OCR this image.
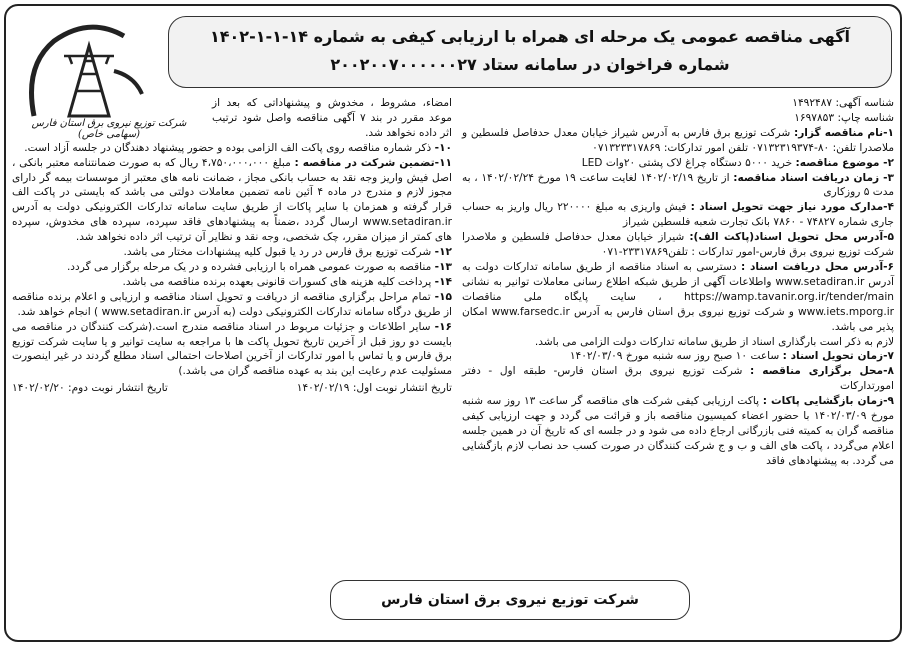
آگهی مناقصه عمومی یک مرحله ای همراه با ارزیابی کیفی به شماره ۱۴-۱-۱-۱۴۰۲
شماره فراخوان در سامانه ستاد ۲۰۰۲۰۰۷۰۰۰۰۰۰۲۷
شرکت توزیع نیروی برق استان فارس (سهامی خاص)

شناسه آگهی: ۱۴۹۲۴۸۷

شناسه چاپ: ۱۶۹۷۸۵۳

۱-نام مناقصه گزار: شرکت توزیع برق فارس به آدرس شیراز خیابان معدل حدفاصل فلسطین و ملاصدرا تلفن: ۸۰-۰۷۱۳۲۳۱۹۳۷۴ تلفن امور تدارکات: ۰۷۱۳۲۳۳۱۷۸۶۹

۲- موضوع مناقصه: خرید ۵۰۰۰ دستگاه چراغ لاک پشتی ۲۰وات LED

۳- زمان دریافت اسناد مناقصه: از تاریخ ۱۴۰۲/۰۲/۱۹ لغایت ساعت ۱۹ مورخ ۱۴۰۲/۰۲/۲۴ ، به مدت ۵ روزکاری

۴-مدارک مورد نیاز جهت تحویل اسناد : فیش واریزی به مبلغ ۲۲۰۰۰۰ ریال واریز به حساب جاری شماره ۷۴۸۲۷ - ۷۸۶۰ بانک تجارت شعبه فلسطین شیراز

۵-آدرس محل تحویل اسناد(پاکت الف): شیراز خیابان معدل حدفاصل فلسطین و ملاصدرا شرکت توزیع نیروی برق فارس-امور تدارکات : تلفن۲۳۳۱۷۸۶۹-۰۷۱

۶-آدرس محل دریافت اسناد : دسترسی به اسناد مناقصه از طریق سامانه تدارکات دولت به آدرس www.setadiran.ir واطلاعات آگهی از طریق شبکه اطلاع رسانی معاملات توانیر به نشانی https://wamp.tavanir.org.ir/tender/main ، سایت پایگاه ملی مناقصات www.iets.mporg.ir و شرکت توزیع نیروی برق استان فارس به آدرس www.farsedc.ir امکان پذیر می باشد.

لازم به ذکر است بارگذاری اسناد از طریق سامانه تدارکات دولت الزامی می باشد.

۷-زمان تحویل اسناد : ساعت ۱۰ صبح روز سه شنبه مورخ ۱۴۰۲/۰۳/۰۹

۸-محل برگزاری مناقصه : شرکت توزیع نیروی برق استان فارس- طبقه اول - دفتر امورتدارکات

۹-زمان بازگشایی پاکات : پاکت ارزیابی کیفی شرکت های مناقصه گر ساعت ۱۳ روز سه شنبه مورخ ۱۴۰۲/۰۳/۰۹ با حضور اعضاء کمیسیون مناقصه باز و قرائت می گردد و جهت ارزیابی کیفی مناقصه گران به کمیته فنی بازرگانی ارجاع داده می شود و در جلسه ای که تاریخ آن در همین جلسه اعلام می‌گردد ، پاکت های الف و ب و ج شرکت کنندگان در صورت کسب حد نصاب لازم بازگشایی می گردد. به پیشنهادهای فاقد

امضاء، مشروط ، مخدوش و پیشنهاداتی که بعد از موعد مقرر در بند ۷ آگهی مناقصه واصل شود ترتیب اثر داده نخواهد شد.

۱۰- ذکر شماره مناقصه روی پاکت الف الزامی بوده و حضور پیشنهاد دهندگان در جلسه آزاد است.

۱۱-تضمین شرکت در مناقصه : مبلغ ۴،۷۵۰،۰۰۰،۰۰۰ ریال که به صورت ضمانتنامه معتبر بانکی ، اصل فیش واریز وجه نقد به حساب بانکی مجاز ، ضمانت نامه های معتبر از موسسات بیمه گر دارای مجوز لازم و مندرج در ماده ۴ آئین نامه تضمین معاملات دولتی می باشد که بایستی در پاکت الف قرار گرفته و همزمان با سایر پاکات از طریق سایت سامانه تدارکات الکترونیکی دولت به آدرس www.setadiran.ir ارسال گردد ،ضمناً به پیشنهادهای فاقد سپرده، سپرده های مخدوش، سپرده های کمتر از میزان مقرر، چک شخصی، وجه نقد و نظایر آن ترتیب اثر داده نخواهد شد.

۱۲- شرکت توزیع برق فارس در رد یا قبول کلیه پیشنهادات مختار می باشد.

۱۳- مناقصه به صورت عمومی همراه با ارزیابی فشرده و در یک مرحله برگزار می گردد.

۱۴- پرداخت کلیه هزینه های کسورات قانونی بعهده برنده مناقصه می باشد.

۱۵- تمام مراحل برگزاری مناقصه از دریافت و تحویل اسناد مناقصه و ارزیابی و اعلام برنده مناقصه از طریق درگاه سامانه تدارکات الکترونیکی دولت (به آدرس www.setadiran.ir ) انجام خواهد شد.

۱۶- سایر اطلاعات و جزئیات مربوط در اسناد مناقصه مندرج است.(شرکت کنندگان در مناقصه می بایست دو روز قبل از آخرین تاریخ تحویل پاکت ها با مراجعه به سایت توانیر و یا سایت شرکت توزیع برق فارس و یا تماس با امور تدارکات از آخرین اصلاحات احتمالی اسناد مطلع گردند در غیر اینصورت مسئولیت عدم رعایت این بند به عهده مناقصه گران می باشد.)

تاریخ انتشار نوبت اول: ۱۴۰۲/۰۲/۱۹
تاریخ انتشار نوبت دوم: ۱۴۰۲/۰۲/۲۰
شرکت توزیع نیروی برق استان فارس
